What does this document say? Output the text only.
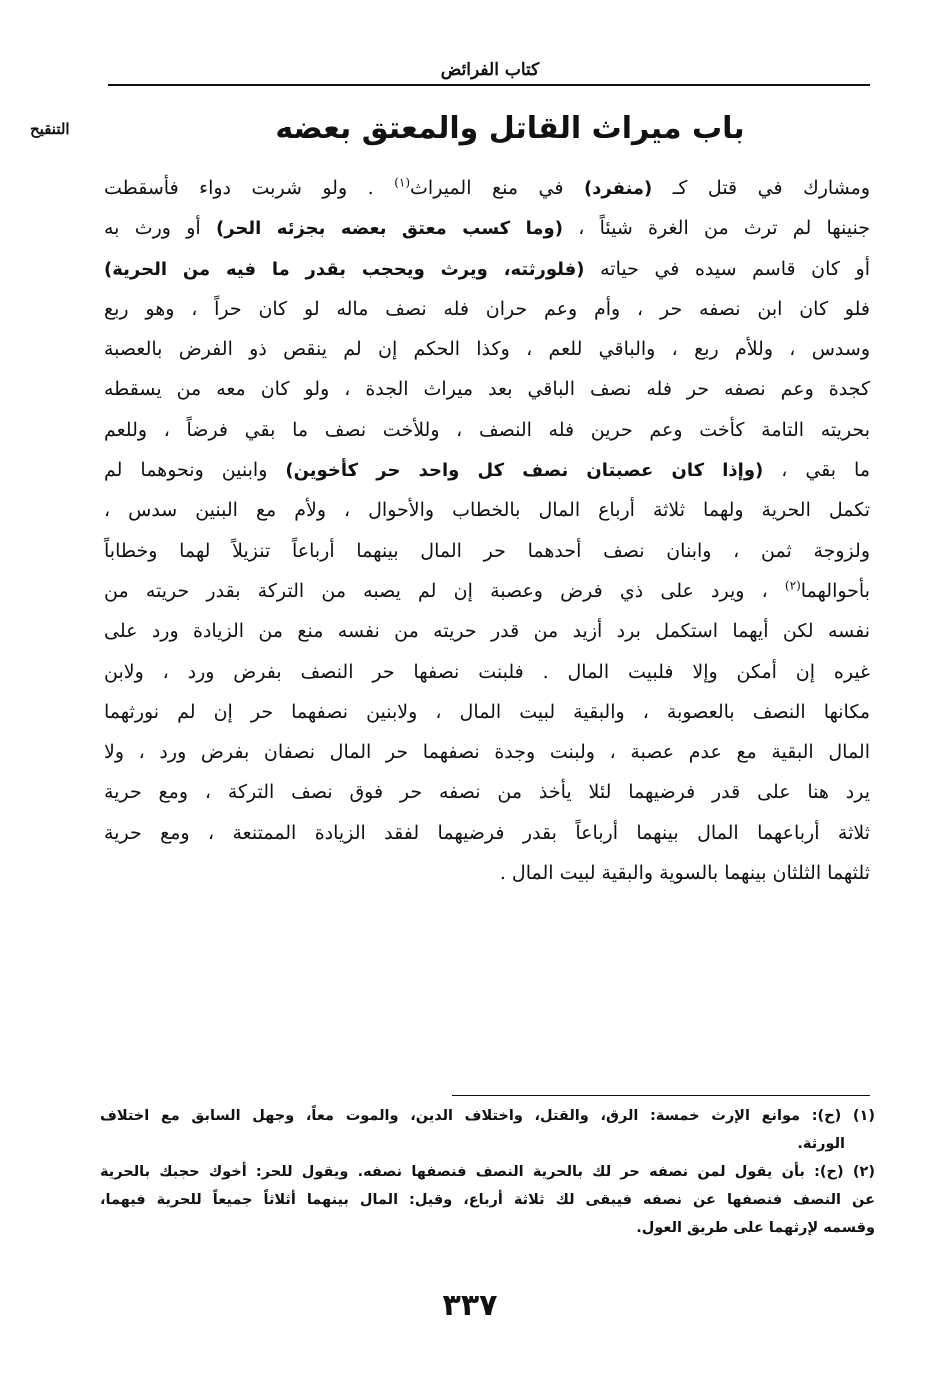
كتاب الفرائض
التنقيح	باب ميراث القاتل والمعتق بعضه
ومشارك في قتل كـ (منفرد) في منع الميراث$^{(١)}$ . ولو شربت دواء فأسقطت
جنينها لم ترث من الغرة شيئاً ، (وما كسب معتق بعضه بجزئه الحر) أو ورث به
أو كان قاسم سيده في حياته (فلورثته، ويرث ويحجب بقدر ما فيه من الحرية)
فلو كان ابن نصفه حر ، وأم وعم حران فله نصف ماله لو كان حراً ، وهو ربع
وسدس ، وللأم ربع ، والباقي للعم ، وكذا الحكم إن لم ينقص ذو الفرض بالعصبة
كجدة وعم نصفه حر فله نصف الباقي بعد ميراث الجدة ، ولو كان معه من يسقطه
بحريته التامة كأخت وعم حرين فله النصف ، وللأخت نصف ما بقي فرضاً ، وللعم
ما بقي ، (وإذا كان عصبتان نصف كل واحد حر كأخوين) وابنين ونحوهما لم
تكمل الحرية ولهما ثلاثة أرباع المال بالخطاب والأحوال ، ولأم مع البنين سدس ،
ولزوجة ثمن ، وابنان نصف أحدهما حر المال بينهما أرباعاً تنزيلاً لهما وخطاباً
بأحوالهما$^{(٢)}$ ، ويرد على ذي فرض وعصبة إن لم يصبه من التركة بقدر حريته من
نفسه لكن أيهما استكمل برد أزيد من قدر حريته من نفسه منع من الزيادة ورد على
غيره إن أمكن وإلا فلبيت المال . فلبنت نصفها حر النصف بفرض ورد ، ولابن
مكانها النصف بالعصوبة ، والبقية لبيت المال ، ولابنين نصفهما حر إن لم نورثهما
المال البقية مع عدم عصبة ، ولبنت وجدة نصفهما حر المال نصفان بفرض ورد ، ولا
يرد هنا على قدر فرضيهما لئلا يأخذ من نصفه حر فوق نصف التركة ، ومع حرية
ثلاثة أرباعهما المال بينهما أرباعاً بقدر فرضيهما لفقد الزيادة الممتنعة ، ومع حرية
ثلثهما الثلثان بينهما بالسوية والبقية لبيت المال .
(١) (ح): موانع الإرث خمسة: الرق، والقتل، واختلاف الدين، والموت معاً، وجهل السابق مع اختلاف
الورثة.
(٢) (ح): بأن يقول لمن نصفه حر لك بالحرية النصف فنصفها نصفه. ويقول للحر: أخوك حجبك بالحرية
عن النصف فنصفها عن نصفه فيبقى لك ثلاثة أرباع، وقيل: المال بينهما أثلاثاً جميعاً للحرية فيهما،
وقسمه لإرثهما على طريق العول.
٣٣٧
